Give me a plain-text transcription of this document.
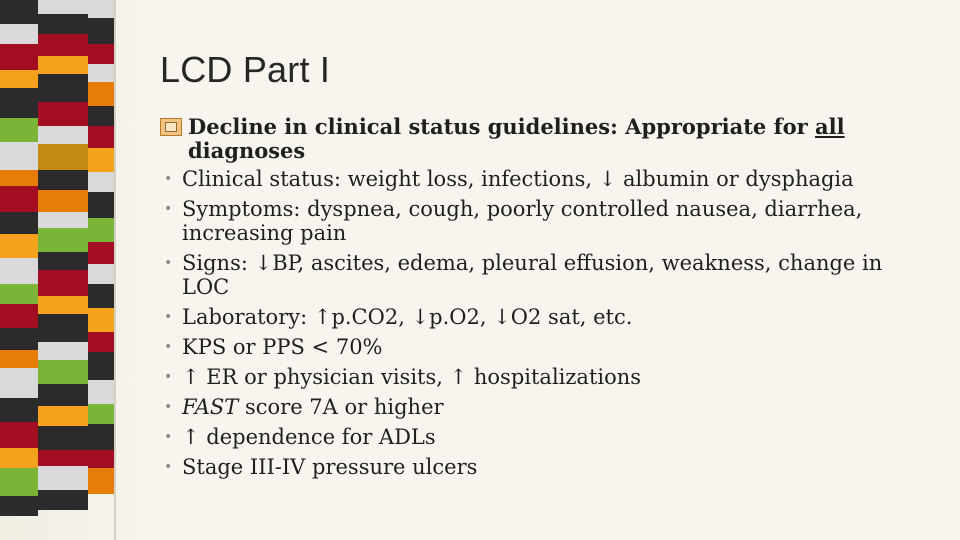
LCD Part I
Decline in clinical status guidelines: Appropriate for all diagnoses
• Clinical status: weight loss, infections, ↓ albumin or dysphagia
• Symptoms: dyspnea, cough, poorly controlled nausea, diarrhea, increasing pain
• Signs: ↓BP, ascites, edema, pleural effusion, weakness, change in LOC
• Laboratory: ↑p.CO2, ↓p.O2, ↓O2 sat, etc.
• KPS or PPS < 70%
• ↑ ER or physician visits, ↑ hospitalizations
• FAST score 7A or higher
• ↑ dependence for ADLs
• Stage III-IV pressure ulcers
